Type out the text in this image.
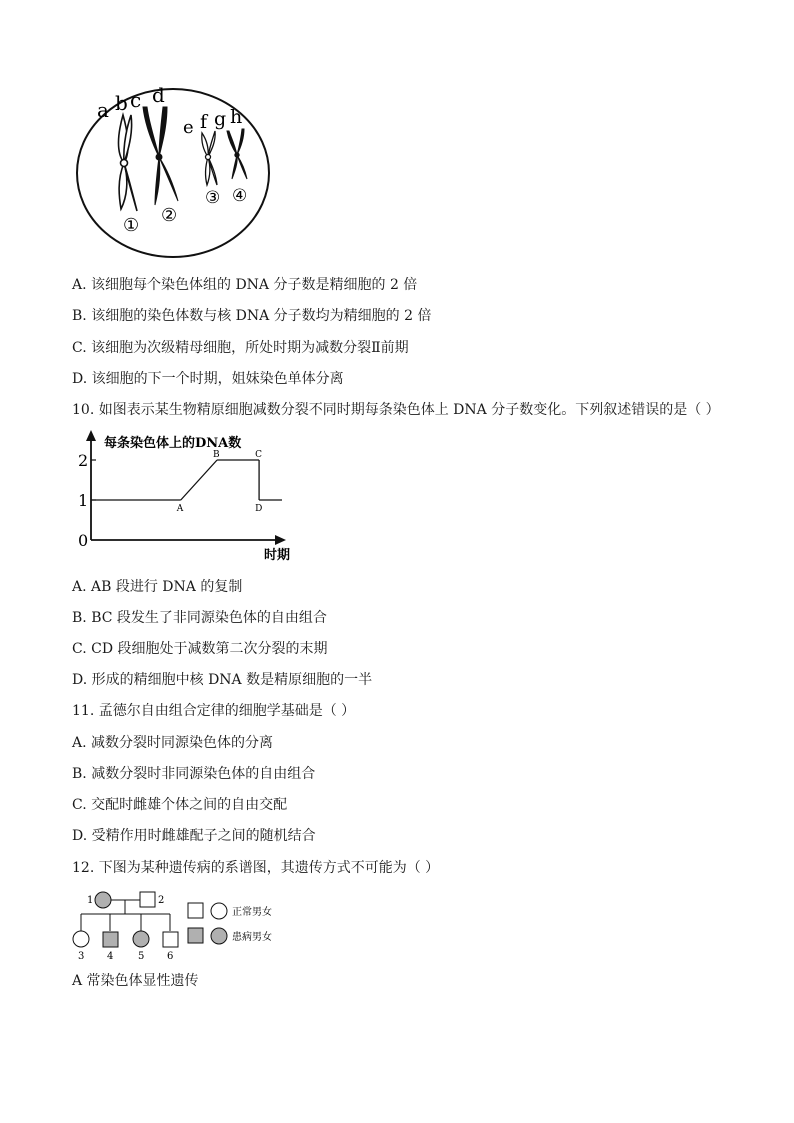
a b c d
e f g h
① ②
③ ④
A. 该细胞每个染色体组的 DNA 分子数是精细胞的 2 倍
B. 该细胞的染色体数与核 DNA 分子数均为精细胞的 2 倍
C. 该细胞为次级精母细胞，所处时期为减数分裂Ⅱ前期
D. 该细胞的下一个时期，姐妹染色单体分离
10. 如图表示某生物精原细胞减数分裂不同时期每条染色体上 DNA 分子数变化。下列叙述错误的是（ ）
每条染色体上的DNA数
时期
0
1
2
A
B	C
D
A. AB 段进行 DNA 的复制
B. BC 段发生了非同源染色体的自由组合
C. CD 段细胞处于减数第二次分裂的末期
D. 形成的精细胞中核 DNA 数是精原细胞的一半
11. 孟德尔自由组合定律的细胞学基础是（ ）
A. 减数分裂时同源染色体的分离
B. 减数分裂时非同源染色体的自由组合
C. 交配时雌雄个体之间的自由交配
D. 受精作用时雌雄配子之间的随机结合
12. 下图为某种遗传病的系谱图，其遗传方式不可能为（ ）
1	2
3 4 5 6
正常男女
患病男女
A 常染色体显性遗传
